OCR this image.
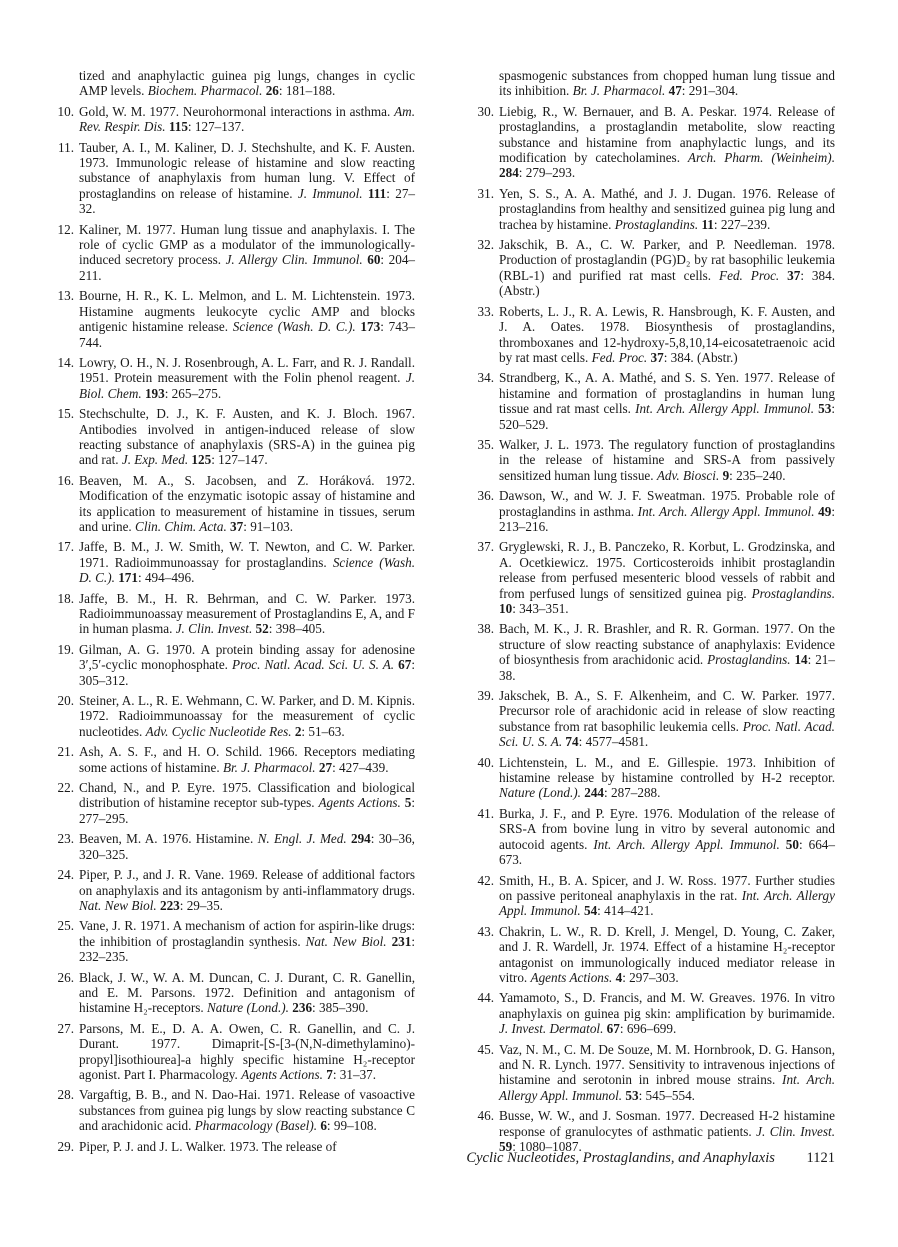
tized and anaphylactic guinea pig lungs, changes in cyclic AMP levels. Biochem. Pharmacol. 26: 181–188.
10. Gold, W. M. 1977. Neurohormonal interactions in asthma. Am. Rev. Respir. Dis. 115: 127–137.
11. Tauber, A. I., M. Kaliner, D. J. Stechshulte, and K. F. Austen. 1973. Immunologic release of histamine and slow reacting substance of anaphylaxis from human lung. V. Effect of prostaglandins on release of histamine. J. Immunol. 111: 27–32.
12. Kaliner, M. 1977. Human lung tissue and anaphylaxis. I. The role of cyclic GMP as a modulator of the immunologically-induced secretory process. J. Allergy Clin. Immunol. 60: 204–211.
13. Bourne, H. R., K. L. Melmon, and L. M. Lichtenstein. 1973. Histamine augments leukocyte cyclic AMP and blocks antigenic histamine release. Science (Wash. D. C.). 173: 743–744.
14. Lowry, O. H., N. J. Rosenbrough, A. L. Farr, and R. J. Randall. 1951. Protein measurement with the Folin phenol reagent. J. Biol. Chem. 193: 265–275.
15. Stechschulte, D. J., K. F. Austen, and K. J. Bloch. 1967. Antibodies involved in antigen-induced release of slow reacting substance of anaphylaxis (SRS-A) in the guinea pig and rat. J. Exp. Med. 125: 127–147.
16. Beaven, M. A., S. Jacobsen, and Z. Horáková. 1972. Modification of the enzymatic isotopic assay of histamine and its application to measurement of histamine in tissues, serum and urine. Clin. Chim. Acta. 37: 91–103.
17. Jaffe, B. M., J. W. Smith, W. T. Newton, and C. W. Parker. 1971. Radioimmunoassay for prostaglandins. Science (Wash. D. C.). 171: 494–496.
18. Jaffe, B. M., H. R. Behrman, and C. W. Parker. 1973. Radioimmunoassay measurement of Prostaglandins E, A, and F in human plasma. J. Clin. Invest. 52: 398–405.
19. Gilman, A. G. 1970. A protein binding assay for adenosine 3′,5′-cyclic monophosphate. Proc. Natl. Acad. Sci. U. S. A. 67: 305–312.
20. Steiner, A. L., R. E. Wehmann, C. W. Parker, and D. M. Kipnis. 1972. Radioimmunoassay for the measurement of cyclic nucleotides. Adv. Cyclic Nucleotide Res. 2: 51–63.
21. Ash, A. S. F., and H. O. Schild. 1966. Receptors mediating some actions of histamine. Br. J. Pharmacol. 27: 427–439.
22. Chand, N., and P. Eyre. 1975. Classification and biological distribution of histamine receptor sub-types. Agents Actions. 5: 277–295.
23. Beaven, M. A. 1976. Histamine. N. Engl. J. Med. 294: 30–36, 320–325.
24. Piper, P. J., and J. R. Vane. 1969. Release of additional factors on anaphylaxis and its antagonism by anti-inflammatory drugs. Nat. New Biol. 223: 29–35.
25. Vane, J. R. 1971. A mechanism of action for aspirin-like drugs: the inhibition of prostaglandin synthesis. Nat. New Biol. 231: 232–235.
26. Black, J. W., W. A. M. Duncan, C. J. Durant, C. R. Ganellin, and E. M. Parsons. 1972. Definition and antagonism of histamine H₂-receptors. Nature (Lond.). 236: 385–390.
27. Parsons, M. E., D. A. A. Owen, C. R. Ganellin, and C. J. Durant. 1977. Dimaprit-[S-[3-(N,N-dimethylamino)-propyl]isothiourea]-a highly specific histamine H₂-receptor agonist. Part I. Pharmacology. Agents Actions. 7: 31–37.
28. Vargaftig, B. B., and N. Dao-Hai. 1971. Release of vasoactive substances from guinea pig lungs by slow reacting substance C and arachidonic acid. Pharmacology (Basel). 6: 99–108.
29. Piper, P. J. and J. L. Walker. 1973. The release of
spasmogenic substances from chopped human lung tissue and its inhibition. Br. J. Pharmacol. 47: 291–304.
30. Liebig, R., W. Bernauer, and B. A. Peskar. 1974. Release of prostaglandins, a prostaglandin metabolite, slow reacting substance and histamine from anaphylactic lungs, and its modification by catecholamines. Arch. Pharm. (Weinheim). 284: 279–293.
31. Yen, S. S., A. A. Mathé, and J. J. Dugan. 1976. Release of prostaglandins from healthy and sensitized guinea pig lung and trachea by histamine. Prostaglandins. 11: 227–239.
32. Jakschik, B. A., C. W. Parker, and P. Needleman. 1978. Production of prostaglandin (PG)D₂ by rat basophilic leukemia (RBL-1) and purified rat mast cells. Fed. Proc. 37: 384. (Abstr.)
33. Roberts, L. J., R. A. Lewis, R. Hansbrough, K. F. Austen, and J. A. Oates. 1978. Biosynthesis of prostaglandins, thromboxanes and 12-hydroxy-5,8,10,14-eicosatetraenoic acid by rat mast cells. Fed. Proc. 37: 384. (Abstr.)
34. Strandberg, K., A. A. Mathé, and S. S. Yen. 1977. Release of histamine and formation of prostaglandins in human lung tissue and rat mast cells. Int. Arch. Allergy Appl. Immunol. 53: 520–529.
35. Walker, J. L. 1973. The regulatory function of prostaglandins in the release of histamine and SRS-A from passively sensitized human lung tissue. Adv. Biosci. 9: 235–240.
36. Dawson, W., and W. J. F. Sweatman. 1975. Probable role of prostaglandins in asthma. Int. Arch. Allergy Appl. Immunol. 49: 213–216.
37. Gryglewski, R. J., B. Panczeko, R. Korbut, L. Grodzinska, and A. Ocetkiewicz. 1975. Corticosteroids inhibit prostaglandin release from perfused mesenteric blood vessels of rabbit and from perfused lungs of sensitized guinea pig. Prostaglandins. 10: 343–351.
38. Bach, M. K., J. R. Brashler, and R. R. Gorman. 1977. On the structure of slow reacting substance of anaphylaxis: Evidence of biosynthesis from arachidonic acid. Prostaglandins. 14: 21–38.
39. Jakschek, B. A., S. F. Alkenheim, and C. W. Parker. 1977. Precursor role of arachidonic acid in release of slow reacting substance from rat basophilic leukemia cells. Proc. Natl. Acad. Sci. U. S. A. 74: 4577–4581.
40. Lichtenstein, L. M., and E. Gillespie. 1973. Inhibition of histamine release by histamine controlled by H-2 receptor. Nature (Lond.). 244: 287–288.
41. Burka, J. F., and P. Eyre. 1976. Modulation of the release of SRS-A from bovine lung in vitro by several autonomic and autocoid agents. Int. Arch. Allergy Appl. Immunol. 50: 664–673.
42. Smith, H., B. A. Spicer, and J. W. Ross. 1977. Further studies on passive peritoneal anaphylaxis in the rat. Int. Arch. Allergy Appl. Immunol. 54: 414–421.
43. Chakrin, L. W., R. D. Krell, J. Mengel, D. Young, C. Zaker, and J. R. Wardell, Jr. 1974. Effect of a histamine H₂-receptor antagonist on immunologically induced mediator release in vitro. Agents Actions. 4: 297–303.
44. Yamamoto, S., D. Francis, and M. W. Greaves. 1976. In vitro anaphylaxis on guinea pig skin: amplification by burimamide. J. Invest. Dermatol. 67: 696–699.
45. Vaz, N. M., C. M. De Souze, M. M. Hornbrook, D. G. Hanson, and N. R. Lynch. 1977. Sensitivity to intravenous injections of histamine and serotonin in inbred mouse strains. Int. Arch. Allergy Appl. Immunol. 53: 545–554.
46. Busse, W. W., and J. Sosman. 1977. Decreased H-2 histamine response of granulocytes of asthmatic patients. J. Clin. Invest. 59: 1080–1087.
Cyclic Nucleotides, Prostaglandins, and Anaphylaxis 1121
